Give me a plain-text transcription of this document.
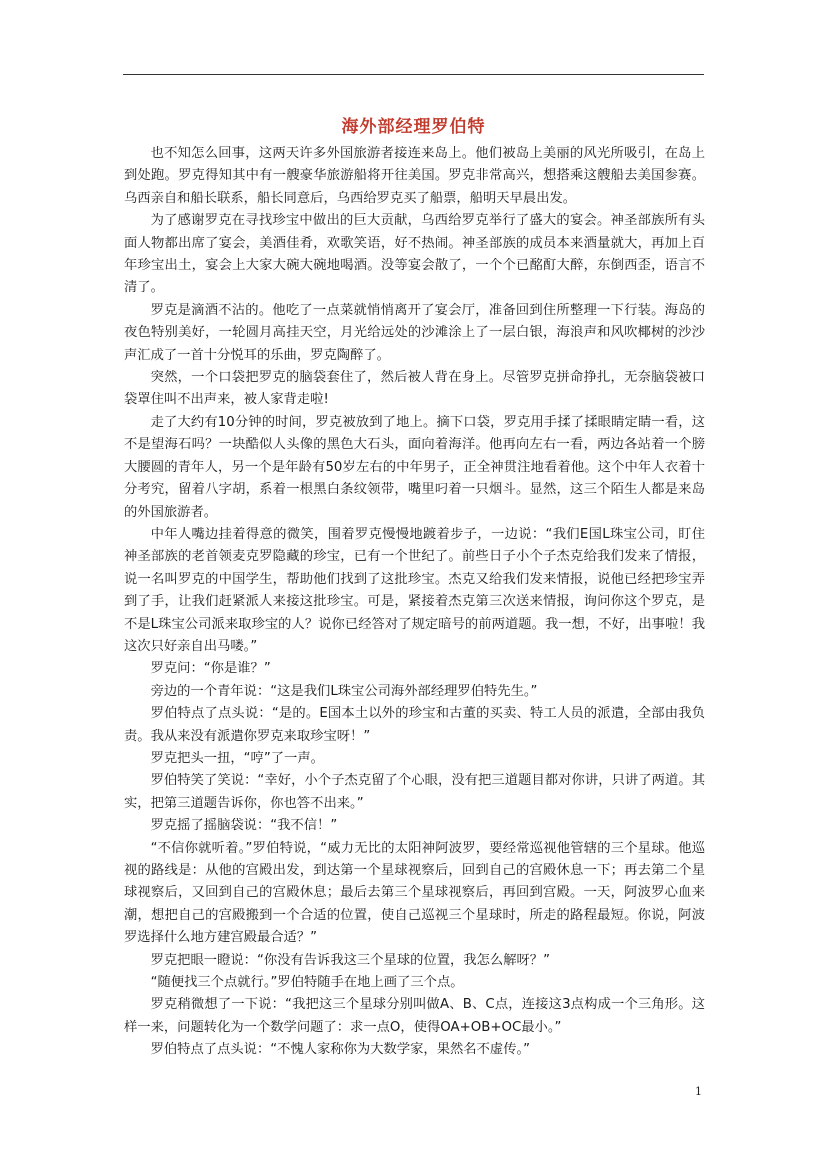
海外部经理罗伯特

也不知怎么回事，这两天许多外国旅游者接连来岛上。他们被岛上美丽的风光所吸引，在岛上到处跑。罗克得知其中有一艘豪华旅游船将开往美国。罗克非常高兴，想搭乘这艘船去美国参赛。乌西亲自和船长联系，船长同意后，乌西给罗克买了船票，船明天早晨出发。

为了感谢罗克在寻找珍宝中做出的巨大贡献，乌西给罗克举行了盛大的宴会。神圣部族所有头面人物都出席了宴会，美酒佳肴，欢歌笑语，好不热闹。神圣部族的成员本来酒量就大，再加上百年珍宝出土，宴会上大家大碗大碗地喝酒。没等宴会散了，一个个已酩酊大醉，东倒西歪，语言不清了。

罗克是滴酒不沾的。他吃了一点菜就悄悄离开了宴会厅，准备回到住所整理一下行装。海岛的夜色特别美好，一轮圆月高挂天空，月光给远处的沙滩涂上了一层白银，海浪声和风吹椰树的沙沙声汇成了一首十分悦耳的乐曲，罗克陶醉了。

突然，一个口袋把罗克的脑袋套住了，然后被人背在身上。尽管罗克拼命挣扎，无奈脑袋被口袋罩住叫不出声来，被人家背走啦!

走了大约有10分钟的时间，罗克被放到了地上。摘下口袋，罗克用手揉了揉眼睛定睛一看，这不是望海石吗？一块酷似人头像的黑色大石头，面向着海洋。他再向左右一看，两边各站着一个膀大腰圆的青年人，另一个是年龄有50岁左右的中年男子，正全神贯注地看着他。这个中年人衣着十分考究，留着八字胡，系着一根黑白条纹领带，嘴里叼着一只烟斗。显然，这三个陌生人都是来岛的外国旅游者。

中年人嘴边挂着得意的微笑，围着罗克慢慢地踱着步子，一边说：“我们E国L珠宝公司，盯住神圣部族的老首领麦克罗隐藏的珍宝，已有一个世纪了。前些日子小个子杰克给我们发来了情报，说一名叫罗克的中国学生，帮助他们找到了这批珍宝。杰克又给我们发来情报，说他已经把珍宝弄到了手，让我们赶紧派人来接这批珍宝。可是，紧接着杰克第三次送来情报，询问你这个罗克，是不是L珠宝公司派来取珍宝的人？说你已经答对了规定暗号的前两道题。我一想，不好，出事啦！我这次只好亲自出马喽。”

罗克问：“你是谁？”

旁边的一个青年说：“这是我们L珠宝公司海外部经理罗伯特先生。”

罗伯特点了点头说：“是的。E国本土以外的珍宝和古董的买卖、特工人员的派遣，全部由我负责。我从来没有派遣你罗克来取珍宝呀！”

罗克把头一扭，“哼”了一声。

罗伯特笑了笑说：“幸好，小个子杰克留了个心眼，没有把三道题目都对你讲，只讲了两道。其实，把第三道题告诉你，你也答不出来。”

罗克摇了摇脑袋说：“我不信！”

“不信你就听着。”罗伯特说，“威力无比的太阳神阿波罗，要经常巡视他管辖的三个星球。他巡视的路线是：从他的宫殿出发，到达第一个星球视察后，回到自己的宫殿休息一下；再去第二个星球视察后，又回到自己的宫殿休息；最后去第三个星球视察后，再回到宫殿。一天，阿波罗心血来潮，想把自己的宫殿搬到一个合适的位置，使自己巡视三个星球时，所走的路程最短。你说，阿波罗选择什么地方建宫殿最合适？”

罗克把眼一瞪说：“你没有告诉我这三个星球的位置，我怎么解呀？”

“随便找三个点就行。”罗伯特随手在地上画了三个点。

罗克稍微想了一下说：“我把这三个星球分别叫做A、B、C点，连接这3点构成一个三角形。这样一来，问题转化为一个数学问题了：求一点O，使得OA+OB+OC最小。”

罗伯特点了点头说：“不愧人家称你为大数学家，果然名不虚传。”

1
